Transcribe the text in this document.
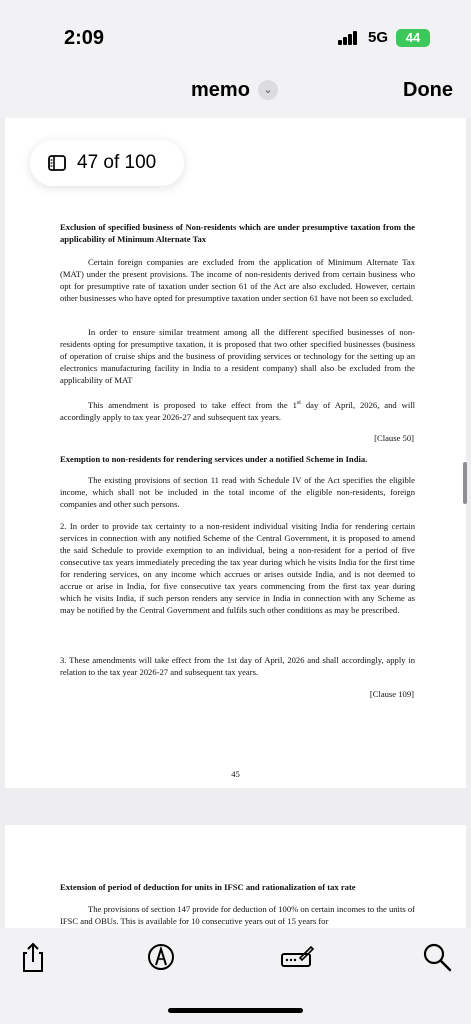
2:09	5G	44
memo	⌄	Done
Exclusion of specified business of Non-residents which are under presumptive taxation from the applicability of Minimum Alternate Tax
Certain foreign companies are excluded from the application of Minimum Alternate Tax (MAT) under the present provisions. The income of non-residents derived from certain business who opt for presumptive rate of taxation under section 61 of the Act are also excluded. However, certain other businesses who have opted for presumptive taxation under section 61 have not been so excluded.
In order to ensure similar treatment among all the different specified businesses of non-residents opting for presumptive taxation, it is proposed that two other specified businesses (business of operation of cruise ships and the business of providing services or technology for the setting up an electronics manufacturing facility in India to a resident company) shall also be excluded from the applicability of MAT
This amendment is proposed to take effect from the 1st day of April, 2026, and will accordingly apply to tax year 2026-27 and subsequent tax years.
[Clause 50]
Exemption to non-residents for rendering services under a notified Scheme in India.
The existing provisions of section 11 read with Schedule IV of the Act specifies the eligible income, which shall not be included in the total income of the eligible non-residents, foreign companies and other such persons.
2. In order to provide tax certainty to a non-resident individual visiting India for rendering certain services in connection with any notified Scheme of the Central Government, it is proposed to amend the said Schedule to provide exemption to an individual, being a non-resident for a period of five consecutive tax years immediately preceding the tax year during which he visits India for the first time for rendering services, on any income which accrues or arises outside India, and is not deemed to accrue or arise in India, for five consecutive tax years commencing from the first tax year during which he visits India, if such person renders any service in India in connection with any Scheme as may be notified by the Central Government and fulfils such other conditions as may be prescribed.
3. These amendments will take effect from the 1st day of April, 2026 and shall accordingly, apply in relation to the tax year 2026-27 and subsequent tax years.
[Clause 109]
45
Extension of period of deduction for units in IFSC and rationalization of tax rate
The provisions of section 147 provide for deduction of 100% on certain incomes to the units of IFSC and OBUs. This is available for 10 consecutive years out of 15 years for
47 of 100
